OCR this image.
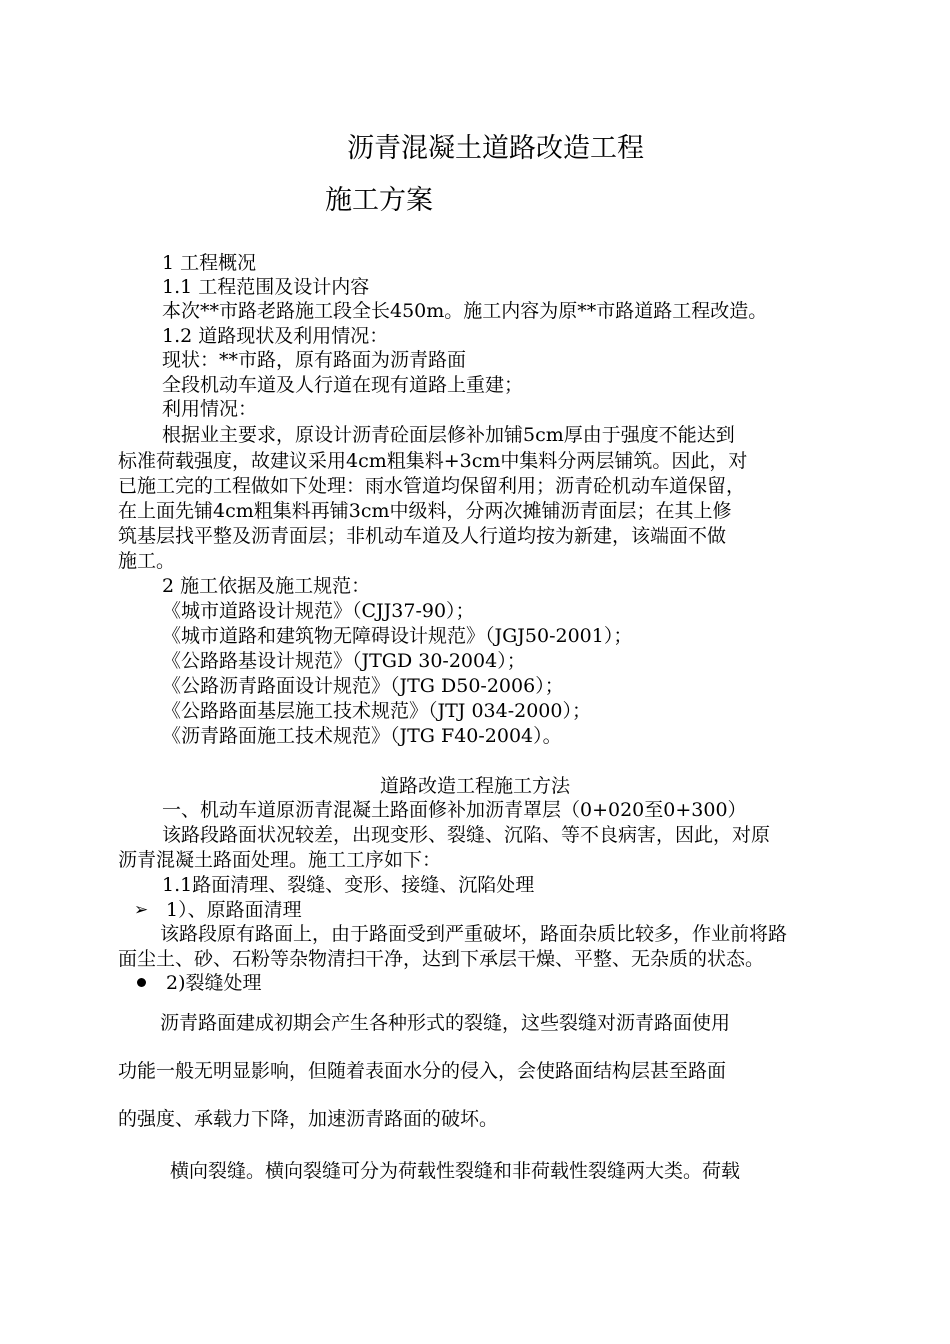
沥青混凝土道路改造工程

施工方案

1 工程概况

1.1 工程范围及设计内容

本次**市路老路施工段全长450m。施工内容为原**市路道路工程改造。

1.2 道路现状及利用情况：

现状：**市路，原有路面为沥青路面

全段机动车道及人行道在现有道路上重建；

利用情况：

根据业主要求，原设计沥青砼面层修补加铺5cm厚由于强度不能达到

标准荷载强度，故建议采用4cm粗集料+3cm中集料分两层铺筑。因此，对

已施工完的工程做如下处理：雨水管道均保留利用；沥青砼机动车道保留，

在上面先铺4cm粗集料再铺3cm中级料，分两次摊铺沥青面层；在其上修

筑基层找平整及沥青面层；非机动车道及人行道均按为新建，该端面不做

施工。

2 施工依据及施工规范：

《城市道路设计规范》（CJJ37-90）；

《城市道路和建筑物无障碍设计规范》（JGJ50-2001）；

《公路路基设计规范》（JTGD 30-2004）；

《公路沥青路面设计规范》（JTG D50-2006）；

《公路路面基层施工技术规范》（JTJ 034-2000）；

《沥青路面施工技术规范》（JTG F40-2004）。

道路改造工程施工方法

一、机动车道原沥青混凝土路面修补加沥青罩层（0+020至0+300）

该路段路面状况较差，出现变形、裂缝、沉陷、等不良病害，因此，对原

沥青混凝土路面处理。施工工序如下：

1.1路面清理、裂缝、变形、接缝、沉陷处理

➢ 1）、原路面清理

该路段原有路面上，由于路面受到严重破坏，路面杂质比较多，作业前将路

面尘土、砂、石粉等杂物清扫干净，达到下承层干燥、平整、无杂质的状态。

2)裂缝处理

沥青路面建成初期会产生各种形式的裂缝，这些裂缝对沥青路面使用

功能一般无明显影响，但随着表面水分的侵入，会使路面结构层甚至路面

的强度、承载力下降，加速沥青路面的破坏。

横向裂缝。横向裂缝可分为荷载性裂缝和非荷载性裂缝两大类。荷载
